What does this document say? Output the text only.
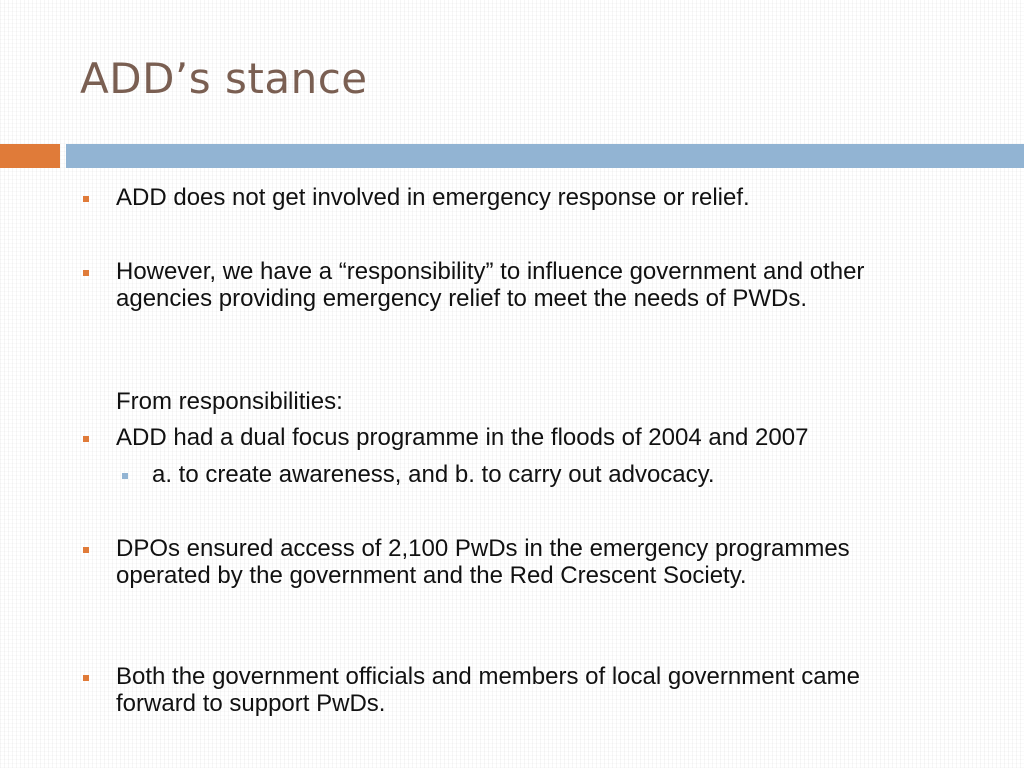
ADD’s stance

ADD does not get involved in emergency response or relief.

However, we have a “responsibility” to influence government and other agencies providing emergency relief to meet the needs of PWDs.

From responsibilities:

ADD had a dual focus programme in the floods of 2004 and 2007

a. to create awareness, and b. to carry out advocacy.

DPOs ensured access of 2,100 PwDs in the emergency programmes operated by the government and the Red Crescent Society.

Both the government officials and members of local government came forward to support PwDs.
